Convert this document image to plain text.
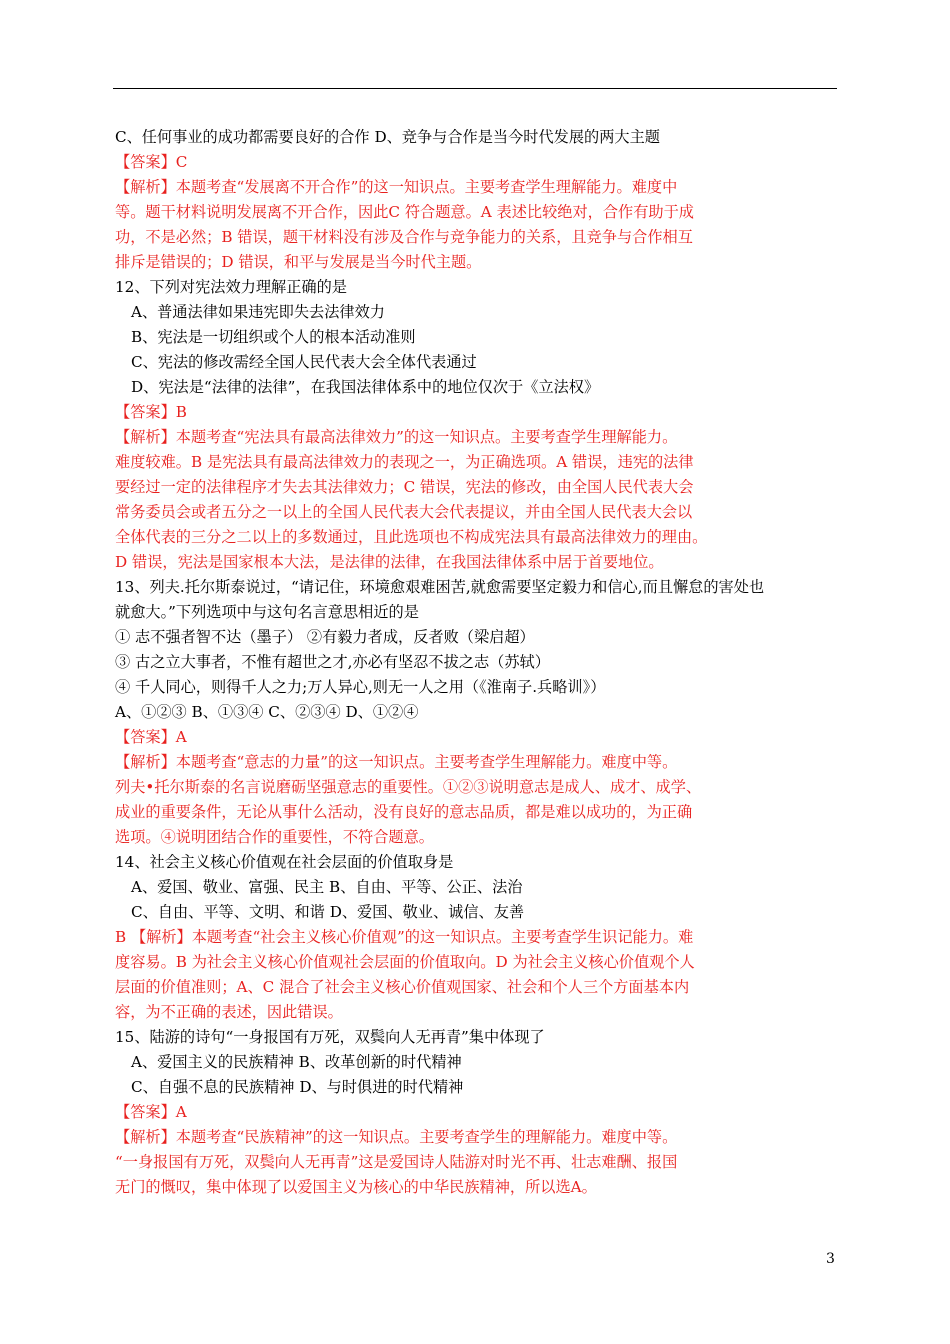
C、任何事业的成功都需要良好的合作 D、竞争与合作是当今时代发展的两大主题
【答案】C
【解析】本题考查“发展离不开合作”的这一知识点。主要考查学生理解能力。难度中
等。题干材料说明发展离不开合作，因此C 符合题意。A 表述比较绝对，合作有助于成
功，不是必然；B 错误，题干材料没有涉及合作与竞争能力的关系，且竞争与合作相互
排斥是错误的；D 错误，和平与发展是当今时代主题。
12、下列对宪法效力理解正确的是
A、普通法律如果违宪即失去法律效力
B、宪法是一切组织或个人的根本活动准则
C、宪法的修改需经全国人民代表大会全体代表通过
D、宪法是“法律的法律”，在我国法律体系中的地位仅次于《立法权》
【答案】B
【解析】本题考查“宪法具有最高法律效力”的这一知识点。主要考查学生理解能力。
难度较难。B 是宪法具有最高法律效力的表现之一，为正确选项。A 错误，违宪的法律
要经过一定的法律程序才失去其法律效力；C 错误，宪法的修改，由全国人民代表大会
常务委员会或者五分之一以上的全国人民代表大会代表提议，并由全国人民代表大会以
全体代表的三分之二以上的多数通过，且此选项也不构成宪法具有最高法律效力的理由。
D 错误，宪法是国家根本大法，是法律的法律，在我国法律体系中居于首要地位。
13、列夫.托尔斯泰说过，“请记住，环境愈艰难困苦,就愈需要坚定毅力和信心,而且懈怠的害处也
就愈大。”下列选项中与这句名言意思相近的是
① 志不强者智不达（墨子） ②有毅力者成，反者败（梁启超）
③ 古之立大事者，不惟有超世之才,亦必有坚忍不拔之志（苏轼）
④ 千人同心，则得千人之力;万人异心,则无一人之用（《淮南子.兵略训》）
A、①②③ B、①③④ C、②③④ D、①②④
【答案】A
【解析】本题考查“意志的力量”的这一知识点。主要考查学生理解能力。难度中等。
列夫•托尔斯泰的名言说磨砺坚强意志的重要性。①②③说明意志是成人、成才、成学、
成业的重要条件，无论从事什么活动，没有良好的意志品质，都是难以成功的，为正确
选项。④说明团结合作的重要性，不符合题意。
14、社会主义核心价值观在社会层面的价值取身是
A、爱国、敬业、富强、民主 B、自由、平等、公正、法治
C、自由、平等、文明、和谐 D、爱国、敬业、诚信、友善
B 【解析】本题考查“社会主义核心价值观”的这一知识点。主要考查学生识记能力。难
度容易。B 为社会主义核心价值观社会层面的价值取向。D 为社会主义核心价值观个人
层面的价值准则；A、C 混合了社会主义核心价值观国家、社会和个人三个方面基本内
容，为不正确的表述，因此错误。
15、陆游的诗句“一身报国有万死，双鬓向人无再青”集中体现了
A、爱国主义的民族精神 B、改革创新的时代精神
C、自强不息的民族精神 D、与时俱进的时代精神
【答案】A
【解析】本题考查“民族精神”的这一知识点。主要考查学生的理解能力。难度中等。
“一身报国有万死，双鬓向人无再青”这是爱国诗人陆游对时光不再、壮志难酬、报国
无门的慨叹，集中体现了以爱国主义为核心的中华民族精神，所以选A。
3
